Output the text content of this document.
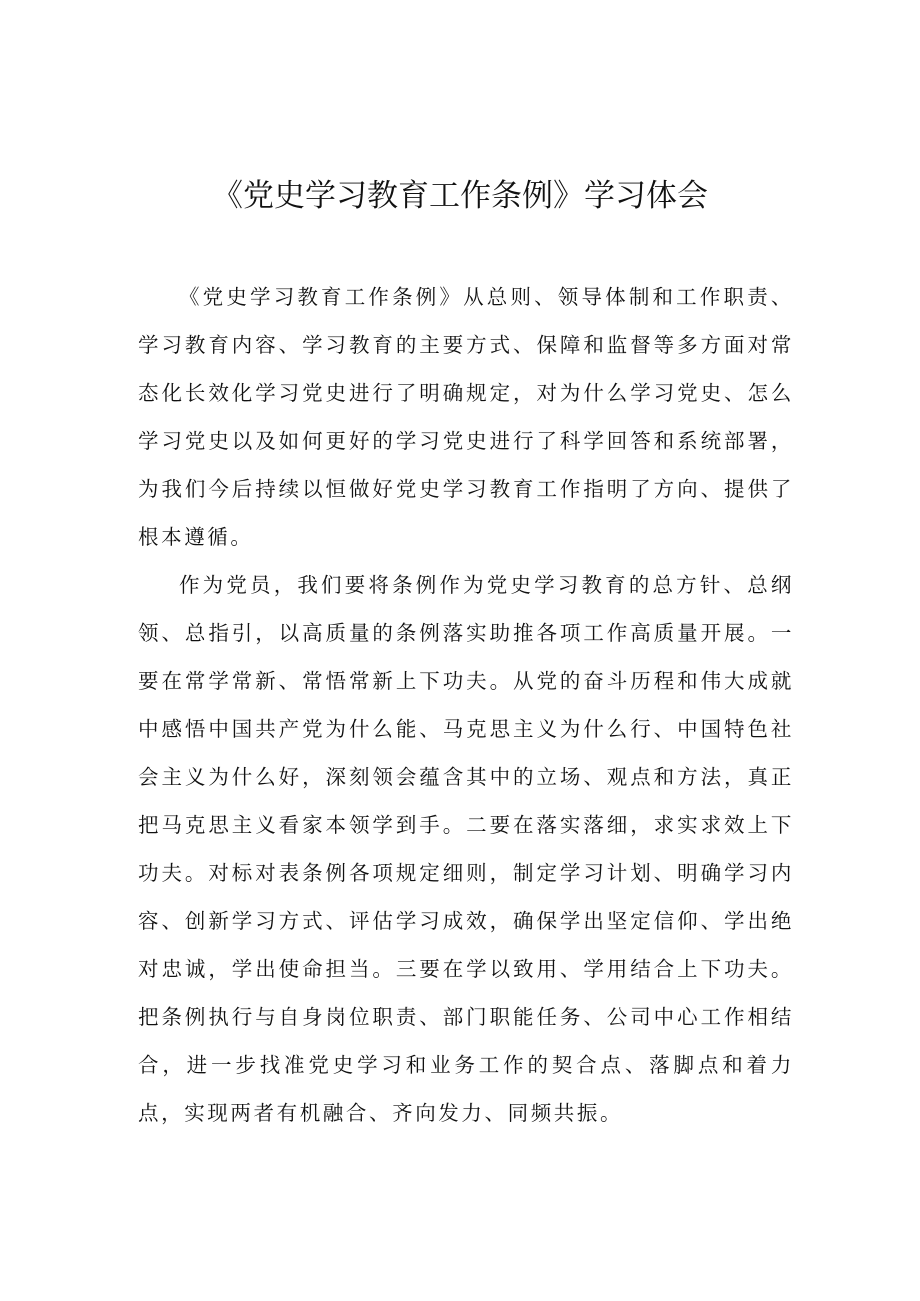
《党史学习教育工作条例》学习体会

《党史学习教育工作条例》从总则、领导体制和工作职责、学习教育内容、学习教育的主要方式、保障和监督等多方面对常态化长效化学习党史进行了明确规定，对为什么学习党史、怎么学习党史以及如何更好的学习党史进行了科学回答和系统部署，为我们今后持续以恒做好党史学习教育工作指明了方向、提供了根本遵循。

作为党员，我们要将条例作为党史学习教育的总方针、总纲领、总指引，以高质量的条例落实助推各项工作高质量开展。一要在常学常新、常悟常新上下功夫。从党的奋斗历程和伟大成就中感悟中国共产党为什么能、马克思主义为什么行、中国特色社会主义为什么好，深刻领会蕴含其中的立场、观点和方法，真正把马克思主义看家本领学到手。二要在落实落细，求实求效上下功夫。对标对表条例各项规定细则，制定学习计划、明确学习内容、创新学习方式、评估学习成效，确保学出坚定信仰、学出绝对忠诚，学出使命担当。三要在学以致用、学用结合上下功夫。把条例执行与自身岗位职责、部门职能任务、公司中心工作相结合，进一步找准党史学习和业务工作的契合点、落脚点和着力点，实现两者有机融合、齐向发力、同频共振。
